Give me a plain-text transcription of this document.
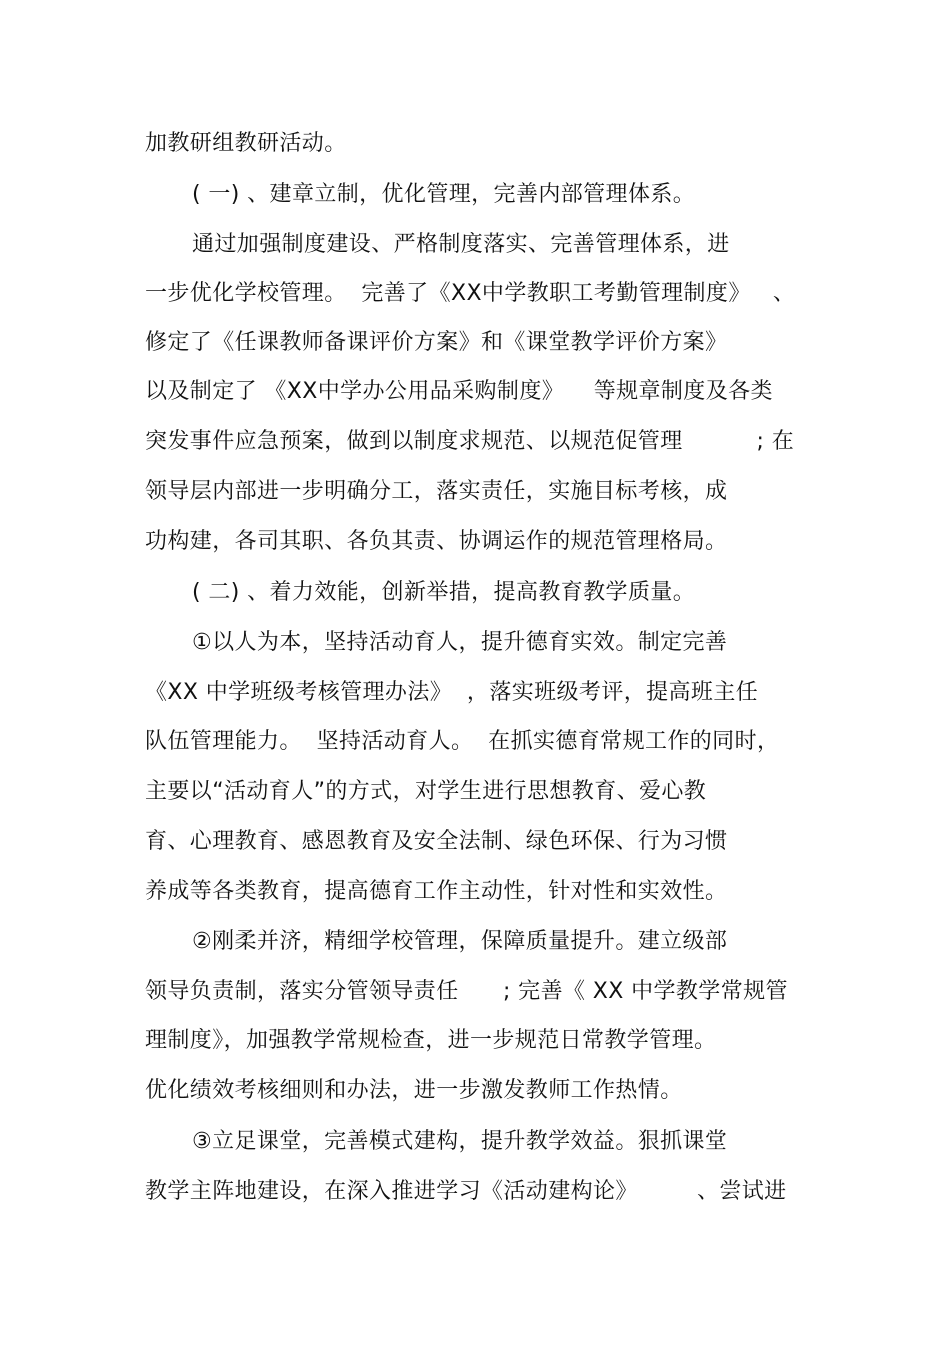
加教研组教研活动。
( 一) 、建章立制，优化管理，完善内部管理体系。
通过加强制度建设、严格制度落实、完善管理体系，进
一步优化学校管理。  完善了《XX中学教职工考勤管理制度》   、
修定了《任课教师备课评价方案》和《课堂教学评价方案》
以及制定了 《XX中学办公用品采购制度》    等规章制度及各类
突发事件应急预案，做到以制度求规范、以规范促管理          ; 在
领导层内部进一步明确分工，落实责任，实施目标考核，成
功构建，各司其职、各负其责、协调运作的规范管理格局。
( 二) 、着力效能，创新举措，提高教育教学质量。
①以人为本，坚持活动育人，提升德育实效。制定完善
《XX 中学班级考核管理办法》  ，落实班级考评，提高班主任
队伍管理能力。  坚持活动育人。  在抓实德育常规工作的同时，
主要以“活动育人”的方式，对学生进行思想教育、爱心教
育、心理教育、感恩教育及安全法制、绿色环保、行为习惯
养成等各类教育，提高德育工作主动性，针对性和实效性。
②刚柔并济，精细学校管理，保障质量提升。建立级部
领导负责制，落实分管领导责任      ; 完善《 XX 中学教学常规管
理制度》，加强教学常规检查，进一步规范日常教学管理。
优化绩效考核细则和办法，进一步激发教师工作热情。
③立足课堂，完善模式建构，提升教学效益。狠抓课堂
教学主阵地建设，在深入推进学习《活动建构论》        、尝试进
